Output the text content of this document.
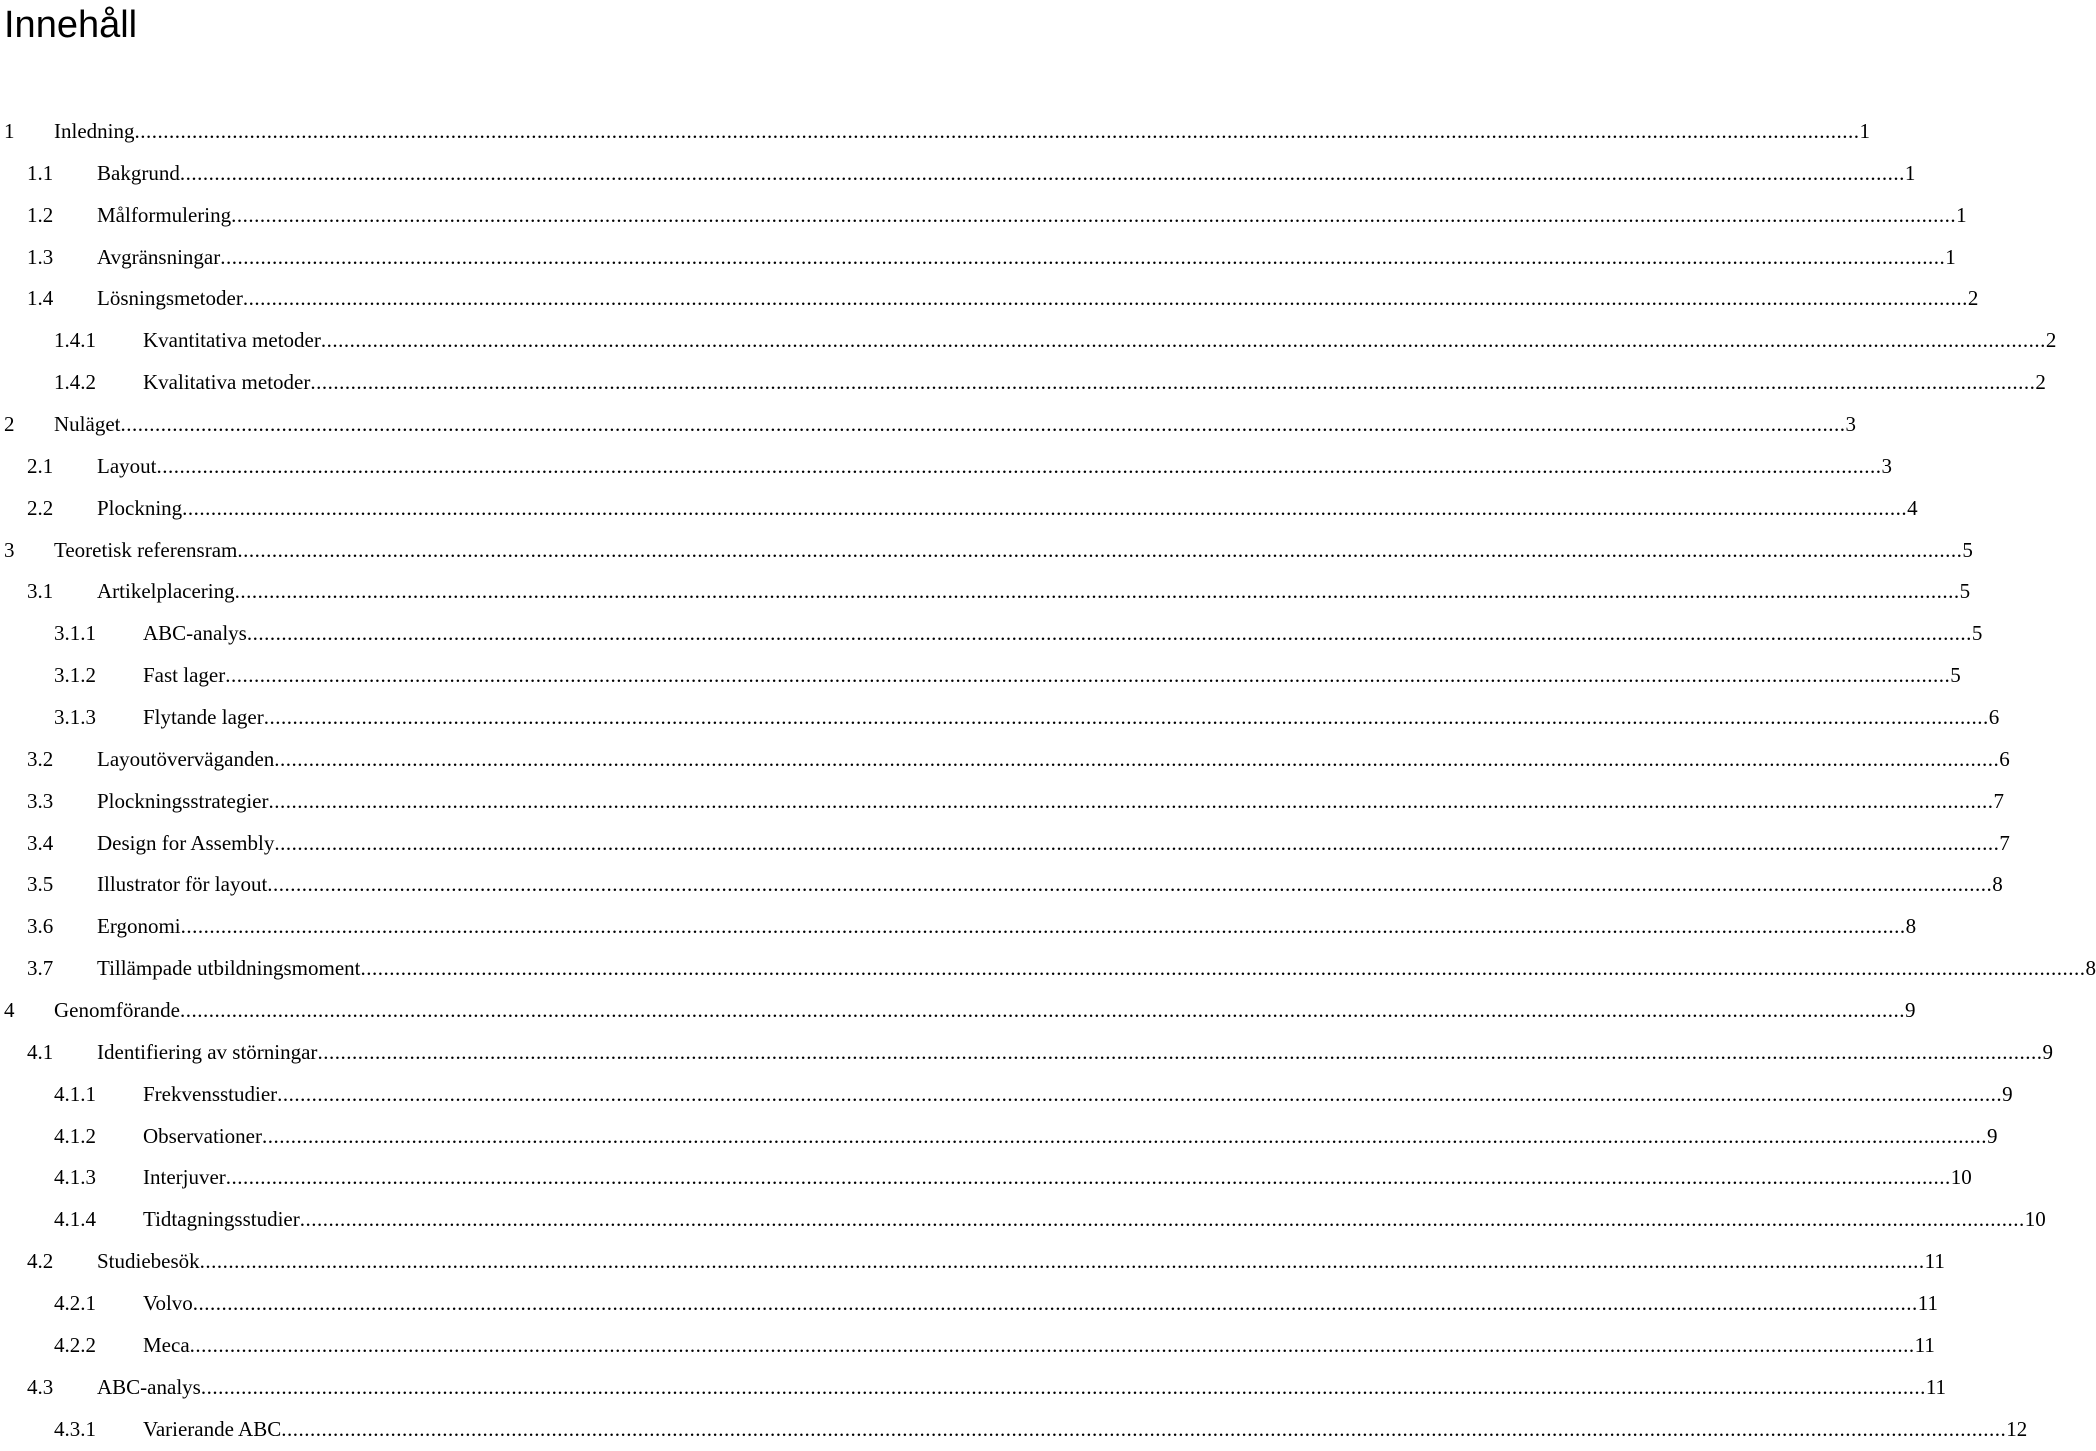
Innehåll
1 Inledning ............................................................................................................................................................................................................................................................................................................ 1
1.1 Bakgrund ............................................................................................................................................................................................................................................................................................................ 1
1.2 Målformulering ............................................................................................................................................................................................................................................................................................................ 1
1.3 Avgränsningar ............................................................................................................................................................................................................................................................................................................ 1
1.4 Lösningsmetoder ............................................................................................................................................................................................................................................................................................................ 2
1.4.1 Kvantitativa metoder ............................................................................................................................................................................................................................................................................................................ 2
1.4.2 Kvalitativa metoder ............................................................................................................................................................................................................................................................................................................ 2
2 Nuläget ............................................................................................................................................................................................................................................................................................................ 3
2.1 Layout ............................................................................................................................................................................................................................................................................................................ 3
2.2 Plockning ............................................................................................................................................................................................................................................................................................................ 4
3 Teoretisk referensram ............................................................................................................................................................................................................................................................................................................ 5
3.1 Artikelplacering ............................................................................................................................................................................................................................................................................................................ 5
3.1.1 ABC-analys ............................................................................................................................................................................................................................................................................................................ 5
3.1.2 Fast lager ............................................................................................................................................................................................................................................................................................................ 5
3.1.3 Flytande lager ............................................................................................................................................................................................................................................................................................................ 6
3.2 Layoutöverväganden ............................................................................................................................................................................................................................................................................................................ 6
3.3 Plockningsstrategier ............................................................................................................................................................................................................................................................................................................ 7
3.4 Design for Assembly ............................................................................................................................................................................................................................................................................................................ 7
3.5 Illustrator för layout ............................................................................................................................................................................................................................................................................................................ 8
3.6 Ergonomi ............................................................................................................................................................................................................................................................................................................ 8
3.7 Tillämpade utbildningsmoment ............................................................................................................................................................................................................................................................................................................ 8
4 Genomförande ............................................................................................................................................................................................................................................................................................................ 9
4.1 Identifiering av störningar ............................................................................................................................................................................................................................................................................................................ 9
4.1.1 Frekvensstudier ............................................................................................................................................................................................................................................................................................................ 9
4.1.2 Observationer ............................................................................................................................................................................................................................................................................................................ 9
4.1.3 Interjuver ............................................................................................................................................................................................................................................................................................................ 10
4.1.4 Tidtagningsstudier ............................................................................................................................................................................................................................................................................................................ 10
4.2 Studiebesök ............................................................................................................................................................................................................................................................................................................ 11
4.2.1 Volvo ............................................................................................................................................................................................................................................................................................................ 11
4.2.2 Meca ............................................................................................................................................................................................................................................................................................................ 11
4.3 ABC-analys ............................................................................................................................................................................................................................................................................................................ 11
4.3.1 Varierande ABC ............................................................................................................................................................................................................................................................................................................ 12
